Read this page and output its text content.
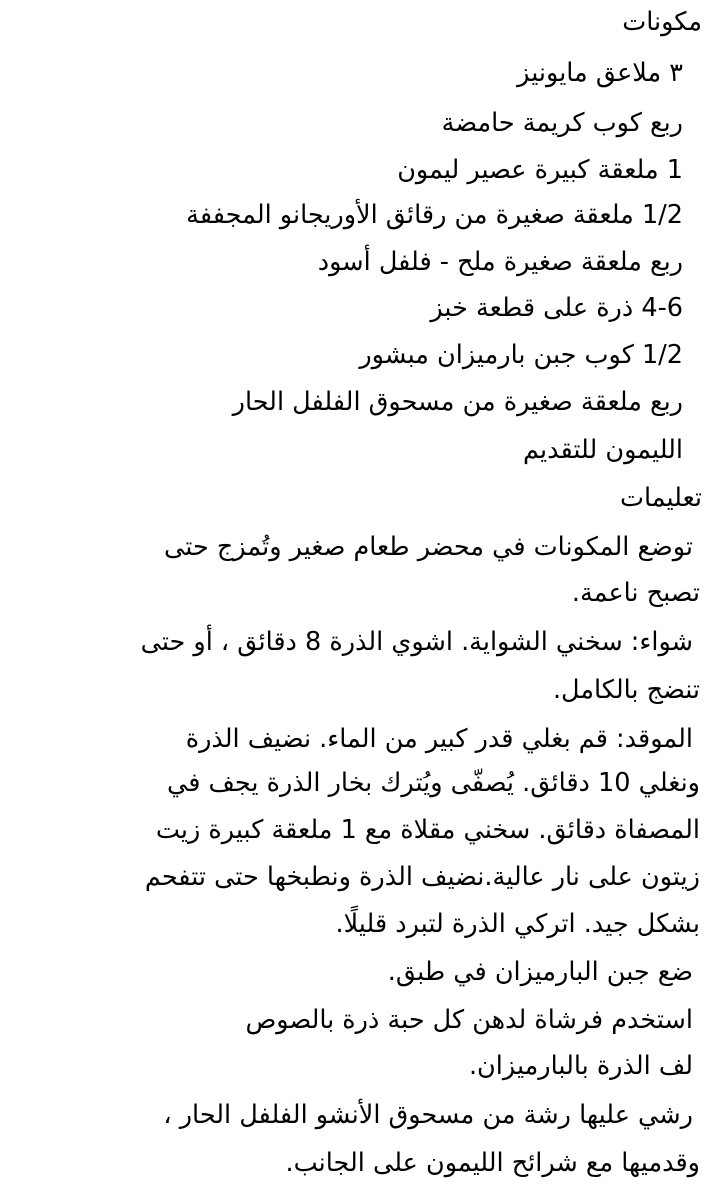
مكونات
٣ ملاعق مايونيز
ربع كوب كريمة حامضة
1 ملعقة كبيرة عصير ليمون
1/2 ملعقة صغيرة من رقائق الأوريجانو المجففة
ربع ملعقة صغيرة ملح - فلفل أسود
4-6 ذرة على قطعة خبز
1/2 كوب جبن بارميزان مبشور
ربع ملعقة صغيرة من مسحوق الفلفل الحار
الليمون للتقديم
تعليمات
توضع المكونات في محضر طعام صغير وتُمزج حتى
تصبح ناعمة.
شواء: سخني الشواية. اشوي الذرة 8 دقائق ، أو حتى
تنضج بالكامل.
الموقد: قم بغلي قدر كبير من الماء. نضيف الذرة
ونغلي 10 دقائق. يُصفّى ويُترك بخار الذرة يجف في
المصفاة دقائق. سخني مقلاة مع 1 ملعقة كبيرة زيت
زيتون على نار عالية.نضيف الذرة ونطبخها حتى تتفحم
بشكل جيد. اتركي الذرة لتبرد قليلًا.
ضع جبن البارميزان في طبق.
استخدم فرشاة لدهن كل حبة ذرة بالصوص
لف الذرة بالبارميزان.
رشي عليها رشة من مسحوق الأنشو الفلفل الحار ،
وقدميها مع شرائح الليمون على الجانب.
